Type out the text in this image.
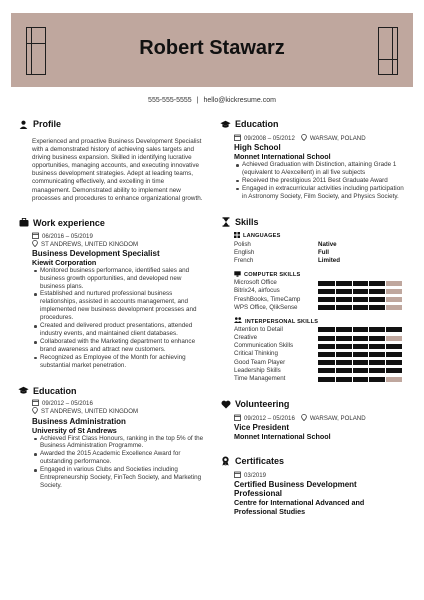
Robert Stawarz
555-555-5555 | hello@kickresume.com
Profile

Experienced and proactive Business Development Specialist with a demonstrated history of achieving sales targets and driving business expansion. Skilled in identifying lucrative opportunities, managing accounts, and executing innovative business development strategies. Adept at leading teams, communicating effectively, and excelling in time management. Demonstrated ability to implement new processes and procedures to enhance organizational growth.

Work experience
06/2016 – 05/2019
ST ANDREWS, UNITED KINGDOM
Business Development Specialist
Kiewit Corporation
Monitored business performance, identified sales and business growth opportunities, and developed new business plans.
Established and nurtured professional business relationships, assisted in accounts management, and implemented new business development processes and procedures.
Created and delivered product presentations, attended industry events, and maintained client databases.
Collaborated with the Marketing department to enhance brand awareness and attract new customers.
Recognized as Employee of the Month for achieving substantial market penetration.
Education
09/2012 – 05/2016
ST ANDREWS, UNITED KINGDOM
Business Administration
University of St Andrews
Achieved First Class Honours, ranking in the top 5% of the Business Administration Programme.
Awarded the 2015 Academic Excellence Award for outstanding performance.
Engaged in various Clubs and Societies including Entrepreneurship Society, FinTech Society, and Marketing Society.
Education
09/2008 – 05/2012 WARSAW, POLAND
High School
Monnet International School
Achieved Graduation with Distinction, attaining Grade 1 (equivalent to A/excellent) in all five subjects
Received the prestigious 2011 Best Graduate Award
Engaged in extracurricular activities including participation in Astronomy Society, Film Society, and Physics Society.
Skills
LANGUAGES
Polish	Native
English	Full
French	Limited
COMPUTER SKILLS
Microsoft Office
Bitrix24, airfocus
FreshBooks, TimeCamp
WPS Office, QlikSense
INTERPERSONAL SKILLS
Attention to Detail
Creative
Communication Skills
Critical Thinking
Good Team Player
Leadership Skills
Time Management
Volunteering
09/2012 – 05/2016 WARSAW, POLAND
Vice President
Monnet International School
Certificates
03/2019
Certified Business Development Professional
Centre for International Advanced and Professional Studies
